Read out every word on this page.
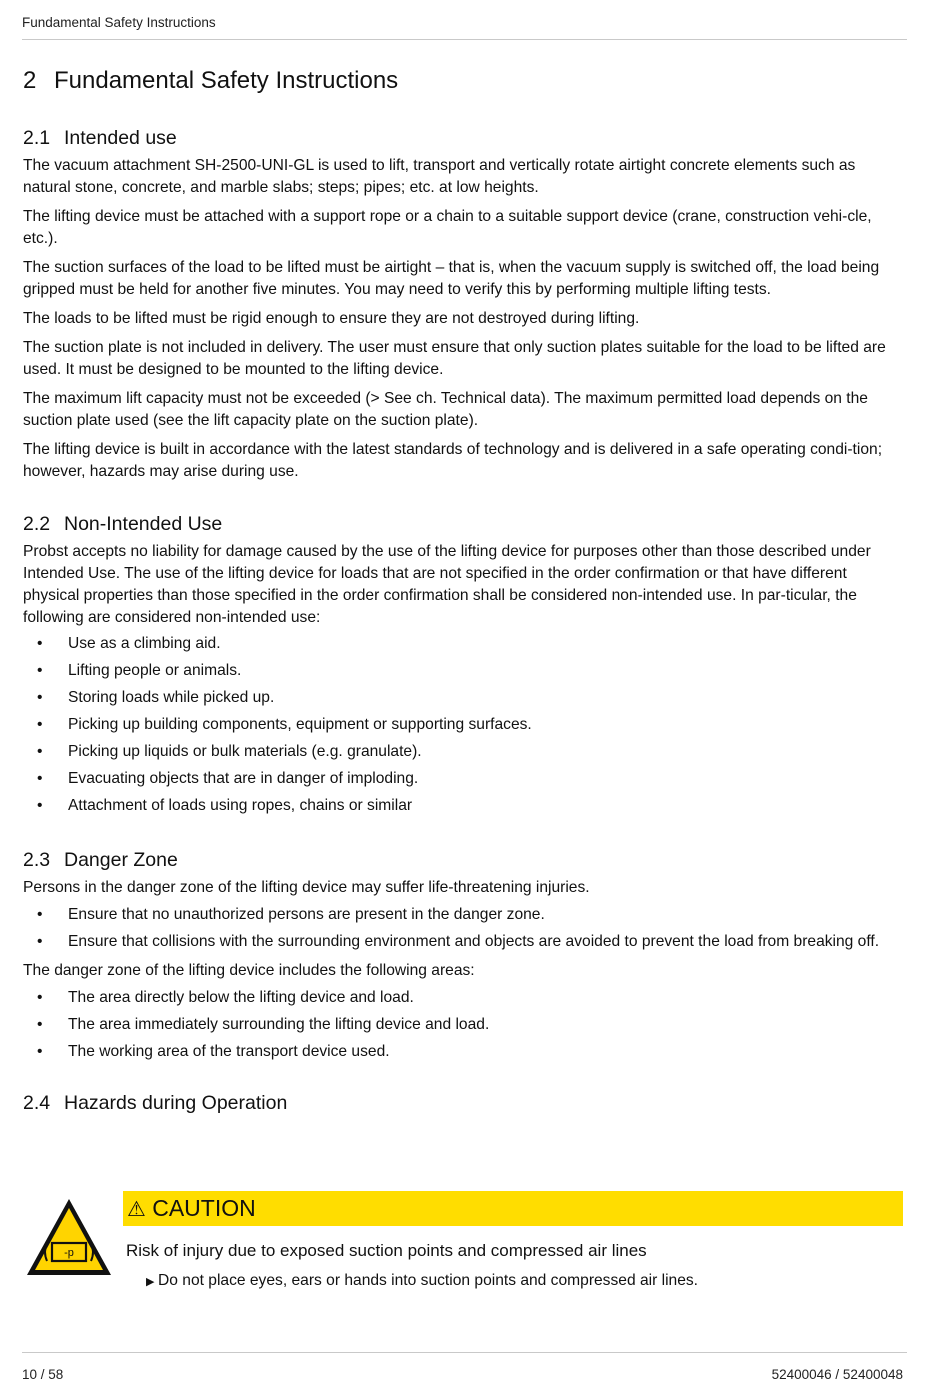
Fundamental Safety Instructions
2 Fundamental Safety Instructions
2.1 Intended use

The vacuum attachment SH-2500-UNI-GL is used to lift, transport and vertically rotate airtight concrete elements such as natural stone, concrete, and marble slabs; steps; pipes; etc. at low heights.

The lifting device must be attached with a support rope or a chain to a suitable support device (crane, construction vehi-cle, etc.).

The suction surfaces of the load to be lifted must be airtight – that is, when the vacuum supply is switched off, the load being gripped must be held for another five minutes. You may need to verify this by performing multiple lifting tests.

The loads to be lifted must be rigid enough to ensure they are not destroyed during lifting.

The suction plate is not included in delivery. The user must ensure that only suction plates suitable for the load to be lifted are used. It must be designed to be mounted to the lifting device.

The maximum lift capacity must not be exceeded (> See ch. Technical data). The maximum permitted load depends on the suction plate used (see the lift capacity plate on the suction plate).

The lifting device is built in accordance with the latest standards of technology and is delivered in a safe operating condi-tion; however, hazards may arise during use.

2.2 Non-Intended Use

Probst accepts no liability for damage caused by the use of the lifting device for purposes other than those described under Intended Use. The use of the lifting device for loads that are not specified in the order confirmation or that have different physical properties than those specified in the order confirmation shall be considered non-intended use. In par-ticular, the following are considered non-intended use:

• Use as a climbing aid.
• Lifting people or animals.
• Storing loads while picked up.
• Picking up building components, equipment or supporting surfaces.
• Picking up liquids or bulk materials (e.g. granulate).
• Evacuating objects that are in danger of imploding.
• Attachment of loads using ropes, chains or similar
2.3 Danger Zone

Persons in the danger zone of the lifting device may suffer life-threatening injuries.

• Ensure that no unauthorized persons are present in the danger zone.
• Ensure that collisions with the surrounding environment and objects are avoided to prevent the load from breaking off.

The danger zone of the lifting device includes the following areas:

• The area directly below the lifting device and load.
• The area immediately surrounding the lifting device and load.
• The working area of the transport device used.
2.4 Hazards during Operation
-p
⚠ CAUTION
Risk of injury due to exposed suction points and compressed air lines
▶ Do not place eyes, ears or hands into suction points and compressed air lines.
10 / 58	52400046 / 52400048
